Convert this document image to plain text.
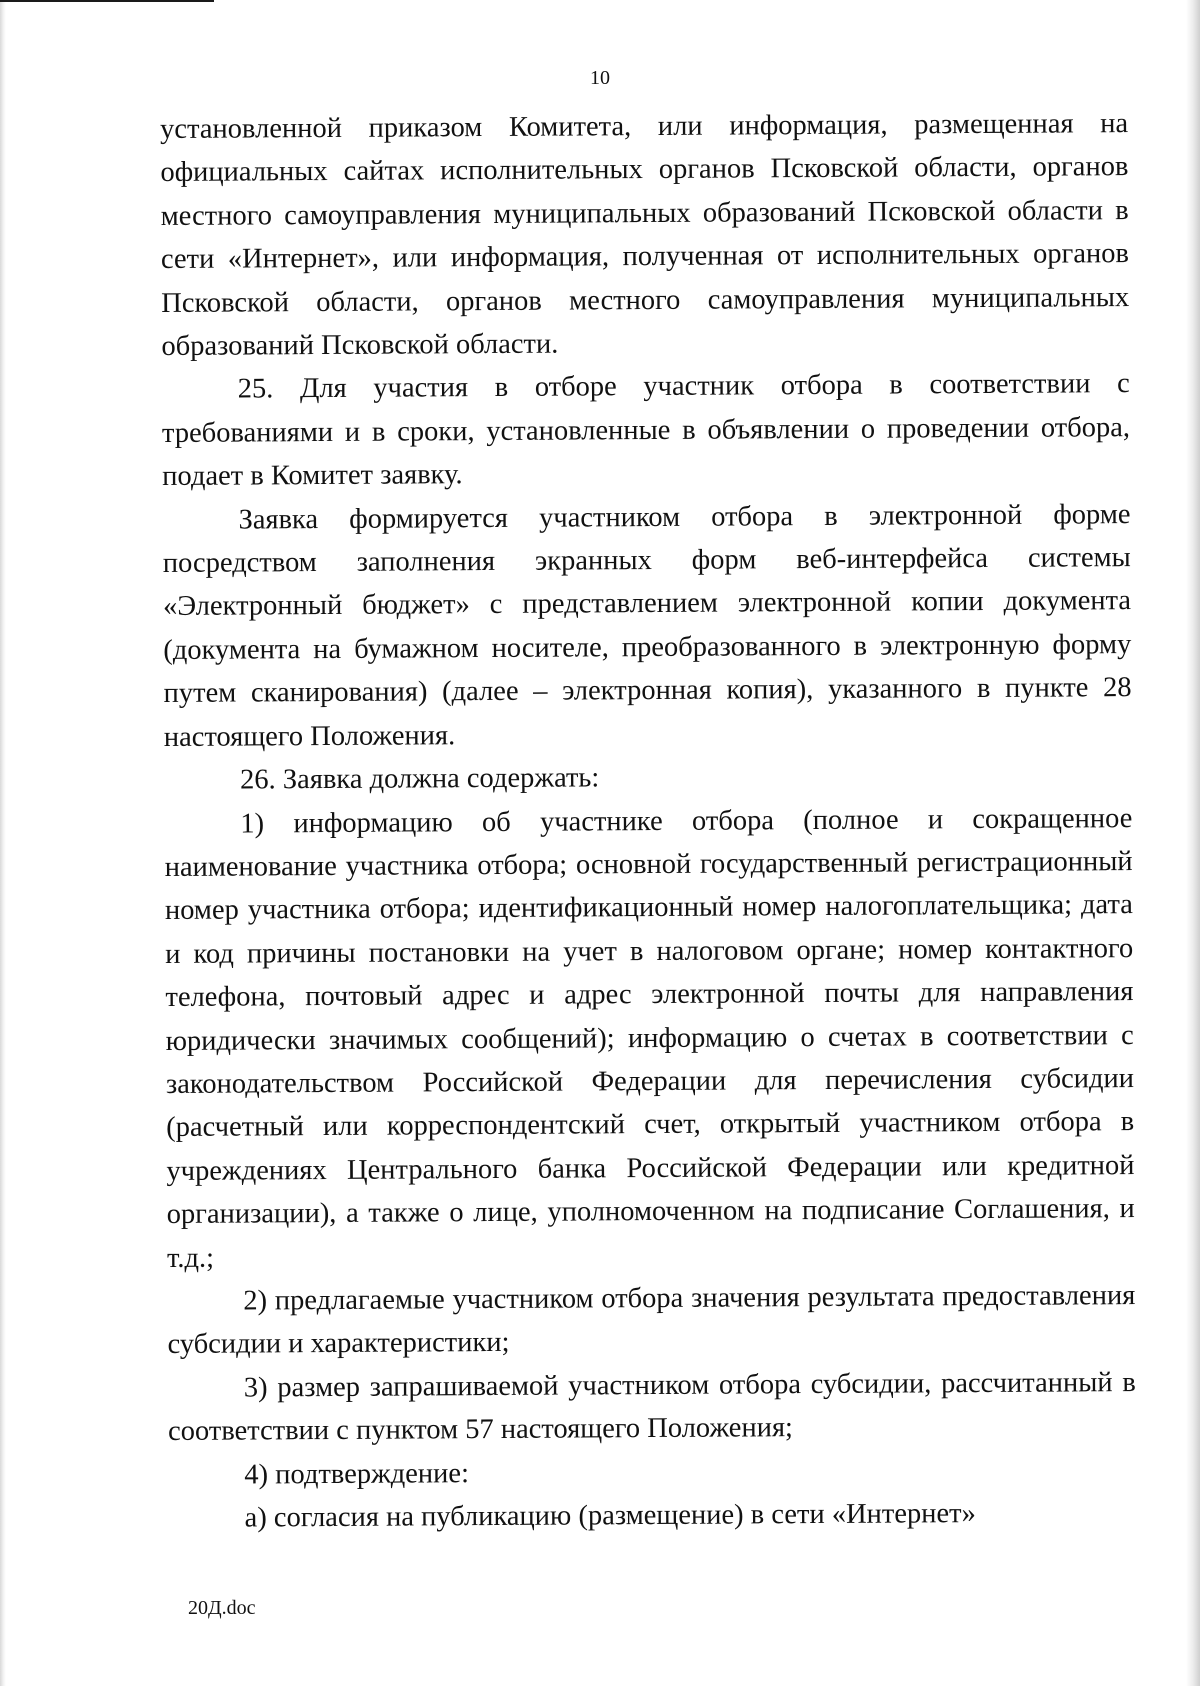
10

установленной приказом Комитета, или информация, размещенная на официальных сайтах исполнительных органов Псковской области, органов местного самоуправления муниципальных образований Псковской области в сети «Интернет», или информация, полученная от исполнительных органов Псковской области, органов местного самоуправления муниципальных образований Псковской области.

25. Для участия в отборе участник отбора в соответствии с требованиями и в сроки, установленные в объявлении о проведении отбора, подает в Комитет заявку.

Заявка формируется участником отбора в электронной форме посредством заполнения экранных форм веб-интерфейса системы «Электронный бюджет» с представлением электронной копии документа (документа на бумажном носителе, преобразованного в электронную форму путем сканирования) (далее – электронная копия), указанного в пункте 28 настоящего Положения.

26. Заявка должна содержать:

1) информацию об участнике отбора (полное и сокращенное наименование участника отбора; основной государственный регистрационный номер участника отбора; идентификационный номер налогоплательщика; дата и код причины постановки на учет в налоговом органе; номер контактного телефона, почтовый адрес и адрес электронной почты для направления юридически значимых сообщений); информацию о счетах в соответствии с законодательством Российской Федерации для перечисления субсидии (расчетный или корреспондентский счет, открытый участником отбора в учреждениях Центрального банка Российской Федерации или кредитной организации), а также о лице, уполномоченном на подписание Соглашения, и т.д.;

2) предлагаемые участником отбора значения результата предоставления субсидии и характеристики;

3) размер запрашиваемой участником отбора субсидии, рассчитанный в соответствии с пунктом 57 настоящего Положения;

4) подтверждение:

а) согласия на публикацию (размещение) в сети «Интернет»

20Д.doc
